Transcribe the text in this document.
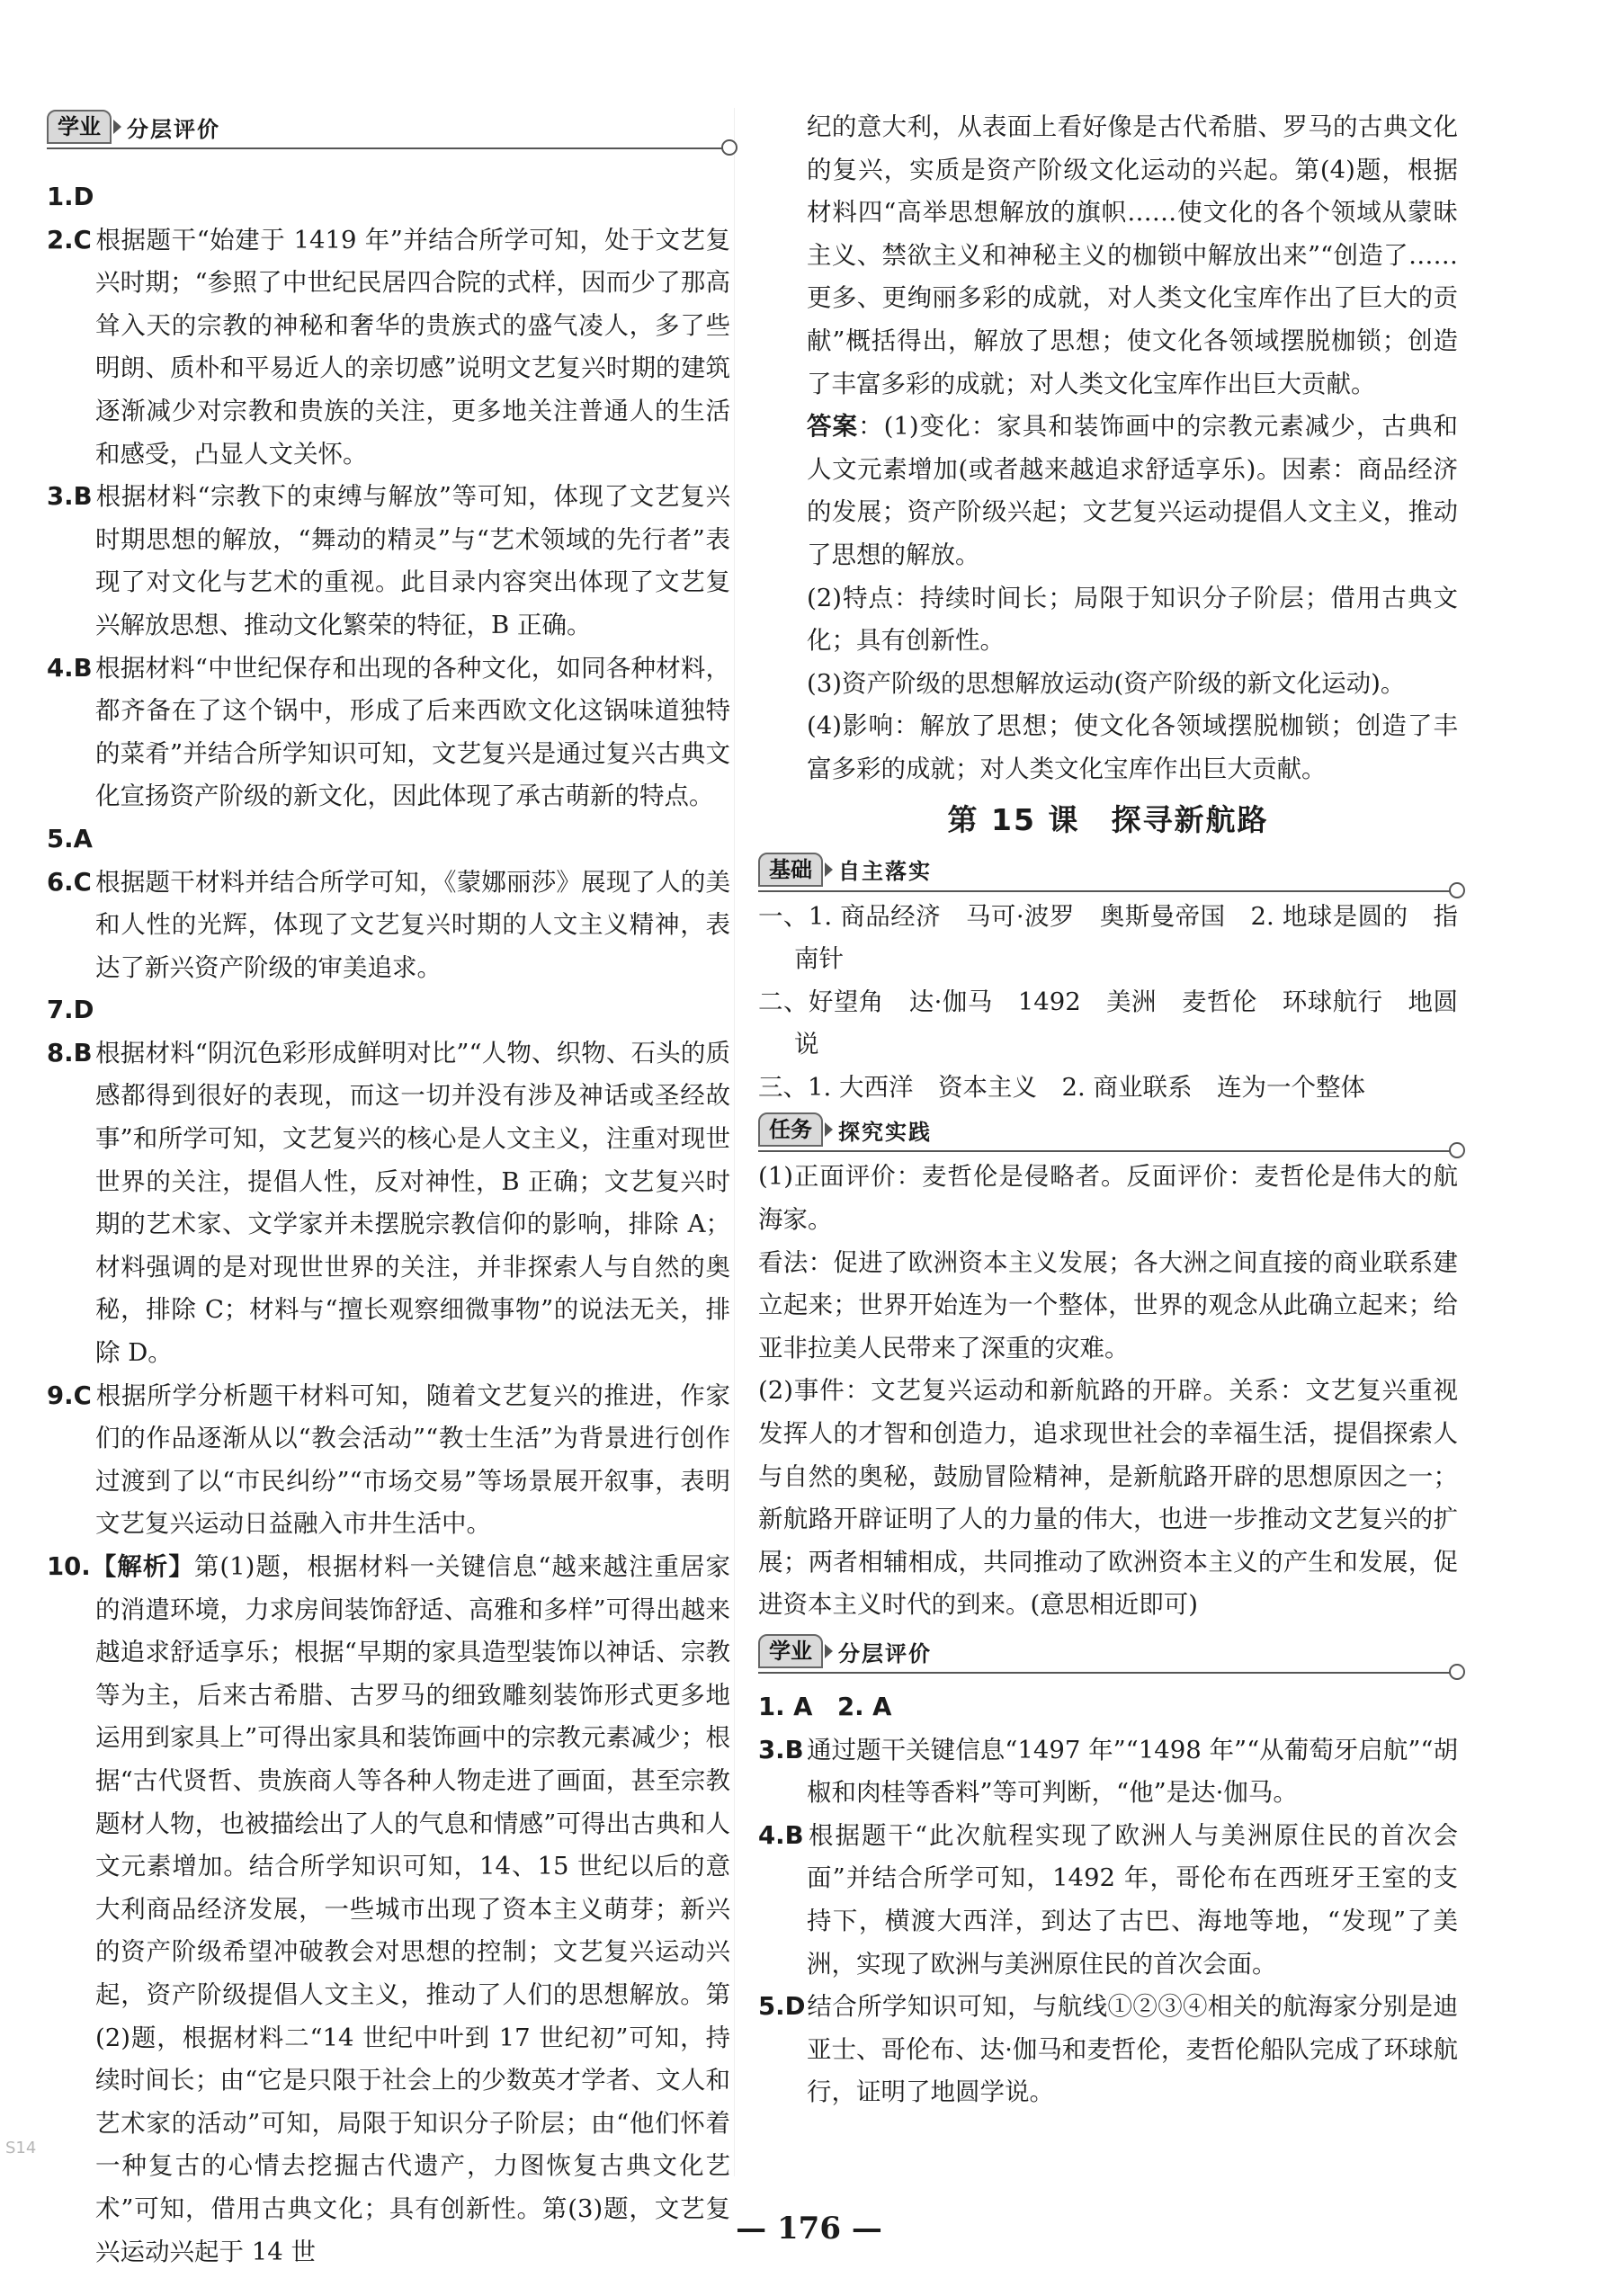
学业	分层评价

1.D

2.C 根据题干“始建于 1419 年”并结合所学可知，处于文艺复兴时期；“参照了中世纪民居四合院的式样，因而少了那高耸入天的宗教的神秘和奢华的贵族式的盛气凌人，多了些明朗、质朴和平易近人的亲切感”说明文艺复兴时期的建筑逐渐减少对宗教和贵族的关注，更多地关注普通人的生活和感受，凸显人文关怀。

3.B 根据材料“宗教下的束缚与解放”等可知，体现了文艺复兴时期思想的解放，“舞动的精灵”与“艺术领域的先行者”表现了对文化与艺术的重视。此目录内容突出体现了文艺复兴解放思想、推动文化繁荣的特征，B 正确。

4.B 根据材料“中世纪保存和出现的各种文化，如同各种材料，都齐备在了这个锅中，形成了后来西欧文化这锅味道独特的菜肴”并结合所学知识可知，文艺复兴是通过复兴古典文化宣扬资产阶级的新文化，因此体现了承古萌新的特点。

5.A

6.C 根据题干材料并结合所学可知，《蒙娜丽莎》展现了人的美和人性的光辉，体现了文艺复兴时期的人文主义精神，表达了新兴资产阶级的审美追求。

7.D

8.B 根据材料“阴沉色彩形成鲜明对比”“人物、织物、石头的质感都得到很好的表现，而这一切并没有涉及神话或圣经故事”和所学可知，文艺复兴的核心是人文主义，注重对现世世界的关注，提倡人性，反对神性，B 正确；文艺复兴时期的艺术家、文学家并未摆脱宗教信仰的影响，排除 A；材料强调的是对现世世界的关注，并非探索人与自然的奥秘，排除 C；材料与“擅长观察细微事物”的说法无关，排除 D。

9.C 根据所学分析题干材料可知，随着文艺复兴的推进，作家们的作品逐渐从以“教会活动”“教士生活”为背景进行创作过渡到了以“市民纠纷”“市场交易”等场景展开叙事，表明文艺复兴运动日益融入市井生活中。

10.【解析】第(1)题，根据材料一关键信息“越来越注重居家的消遣环境，力求房间装饰舒适、高雅和多样”可得出越来越追求舒适享乐；根据“早期的家具造型装饰以神话、宗教等为主，后来古希腊、古罗马的细致雕刻装饰形式更多地运用到家具上”可得出家具和装饰画中的宗教元素减少；根据“古代贤哲、贵族商人等各种人物走进了画面，甚至宗教题材人物，也被描绘出了人的气息和情感”可得出古典和人文元素增加。结合所学知识可知，14、15 世纪以后的意大利商品经济发展，一些城市出现了资本主义萌芽；新兴的资产阶级希望冲破教会对思想的控制；文艺复兴运动兴起，资产阶级提倡人文主义，推动了人们的思想解放。第(2)题，根据材料二“14 世纪中叶到 17 世纪初”可知，持续时间长；由“它是只限于社会上的少数英才学者、文人和艺术家的活动”可知，局限于知识分子阶层；由“他们怀着一种复古的心情去挖掘古代遗产，力图恢复古典文化艺术”可知，借用古典文化；具有创新性。第(3)题，文艺复兴运动兴起于 14 世

纪的意大利，从表面上看好像是古代希腊、罗马的古典文化的复兴，实质是资产阶级文化运动的兴起。第(4)题，根据材料四“高举思想解放的旗帜……使文化的各个领域从蒙昧主义、禁欲主义和神秘主义的枷锁中解放出来”“创造了……更多、更绚丽多彩的成就，对人类文化宝库作出了巨大的贡献”概括得出，解放了思想；使文化各领域摆脱枷锁；创造了丰富多彩的成就；对人类文化宝库作出巨大贡献。

答案：(1)变化：家具和装饰画中的宗教元素减少，古典和人文元素增加(或者越来越追求舒适享乐)。因素：商品经济的发展；资产阶级兴起；文艺复兴运动提倡人文主义，推动了思想的解放。

(2)特点：持续时间长；局限于知识分子阶层；借用古典文化；具有创新性。

(3)资产阶级的思想解放运动(资产阶级的新文化运动)。

(4)影响：解放了思想；使文化各领域摆脱枷锁；创造了丰富多彩的成就；对人类文化宝库作出巨大贡献。

第 15 课　探寻新航路
基础	自主落实

一、1. 商品经济　马可·波罗　奥斯曼帝国　2. 地球是圆的　指南针

二、好望角　达·伽马　1492　美洲　麦哲伦　环球航行　地圆说

三、1. 大西洋　资本主义　2. 商业联系　连为一个整体

任务	探究实践

(1)正面评价：麦哲伦是侵略者。反面评价：麦哲伦是伟大的航海家。

看法：促进了欧洲资本主义发展；各大洲之间直接的商业联系建立起来；世界开始连为一个整体，世界的观念从此确立起来；给亚非拉美人民带来了深重的灾难。

(2)事件：文艺复兴运动和新航路的开辟。关系：文艺复兴重视发挥人的才智和创造力，追求现世社会的幸福生活，提倡探索人与自然的奥秘，鼓励冒险精神，是新航路开辟的思想原因之一；新航路开辟证明了人的力量的伟大，也进一步推动文艺复兴的扩展；两者相辅相成，共同推动了欧洲资本主义的产生和发展，促进资本主义时代的到来。(意思相近即可)

学业	分层评价

1. A　2. A

3.B 通过题干关键信息“1497 年”“1498 年”“从葡萄牙启航”“胡椒和肉桂等香料”等可判断，“他”是达·伽马。

4.B 根据题干“此次航程实现了欧洲人与美洲原住民的首次会面”并结合所学可知，1492 年，哥伦布在西班牙王室的支持下，横渡大西洋，到达了古巴、海地等地，“发现”了美洲，实现了欧洲与美洲原住民的首次会面。

5.D结合所学知识可知，与航线①②③④相关的航海家分别是迪亚士、哥伦布、达·伽马和麦哲伦，麦哲伦船队完成了环球航行，证明了地圆学说。

S14
— 176 —
